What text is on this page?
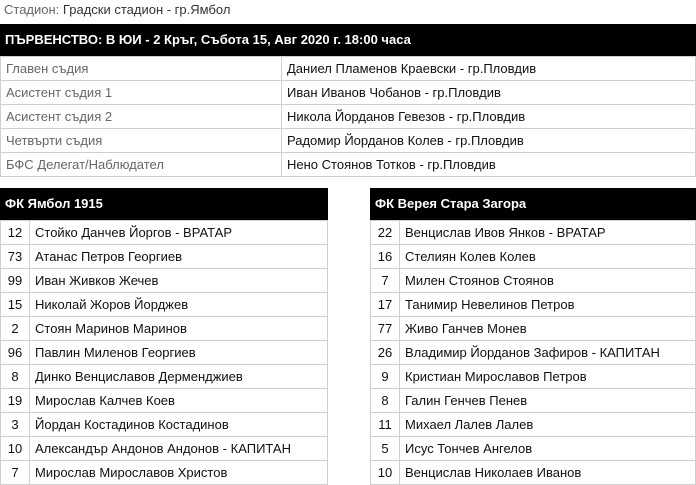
Стадион: Градски стадион - гр.Ямбол
ПЪРВЕНСТВО: В ЮИ - 2 Кръг, Събота 15, Авг 2020 г. 18:00 часа
Главен съдия	Даниел Пламенов Краевски - гр.Пловдив
Асистент съдия 1	Иван Иванов Чобанов - гр.Пловдив
Асистент съдия 2	Никола Йорданов Гевезов - гр.Пловдив
Четвърти съдия	Радомир Йорданов Колев - гр.Пловдив
БФС Делегат/Наблюдател	Нено Стоянов Тотков - гр.Пловдив
ФК Ямбол 1915
12	Стойко Данчев Йоргов - ВРАТАР
73	Атанас Петров Георгиев
99	Иван Живков Жечев
15	Николай Жоров Йорджев
2	Стоян Маринов Маринов
96	Павлин Миленов Георгиев
8	Динко Венциславов Дерменджиев
19	Мирослав Калчев Коев
3	Йордан Костадинов Костадинов
10	Александър Андонов Андонов - КАПИТАН
7	Мирослав Мирославов Христов
ФК Верея Стара Загора
22	Венцислав Ивов Янков - ВРАТАР
16	Стелиян Колев Колев
7	Милен Стоянов Стоянов
17	Танимир Невелинов Петров
77	Живо Ганчев Монев
26	Владимир Йорданов Зафиров - КАПИТАН
9	Кристиан Мирославов Петров
8	Галин Генчев Пенев
11	Михаел Лалев Лалев
5	Исус Тончев Ангелов
10	Венцислав Николаев Иванов
